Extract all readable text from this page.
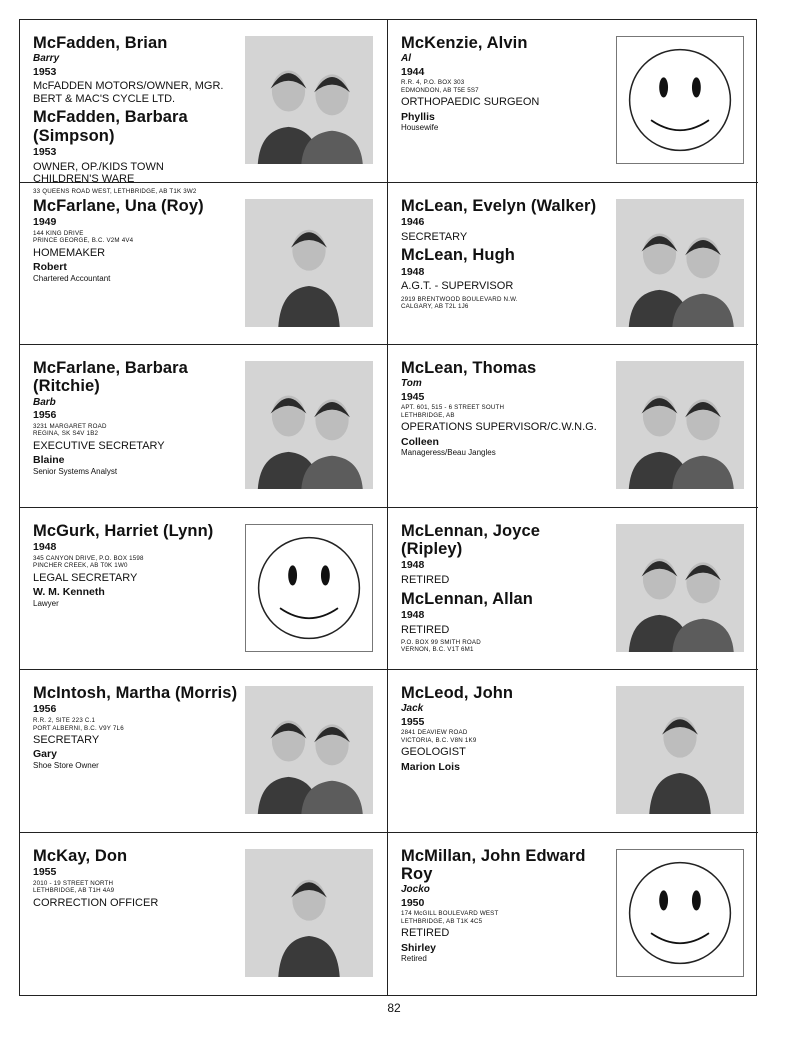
McFadden, Brian
Barry
1953
McFADDEN MOTORS/OWNER, MGR.
BERT & MAC'S CYCLE LTD.
McFadden, Barbara (Simpson)
1953
OWNER, OP./KIDS TOWN
CHILDREN'S WARE
33 QUEENS ROAD WEST, LETHBRIDGE, AB T1K 3W2
McKenzie, Alvin
Al
1944
R.R. 4, P.O. BOX 303
EDMONDON, AB T5E 5S7
ORTHOPAEDIC SURGEON
Phyllis
Housewife
McFarlane, Una (Roy)
1949
144 KING DRIVE
PRINCE GEORGE, B.C. V2M 4V4
HOMEMAKER
Robert
Chartered Accountant
McLean, Evelyn (Walker)
1946
SECRETARY
McLean, Hugh
1948
A.G.T. - SUPERVISOR
2919 BRENTWOOD BOULEVARD N.W.
CALGARY, AB T2L 1J6
McFarlane, Barbara (Ritchie)
Barb
1956
3231 MARGARET ROAD
REGINA, SK S4V 1B2
EXECUTIVE SECRETARY
Blaine
Senior Systems Analyst
McLean, Thomas
Tom
1945
APT. 601, 515 - 6 STREET SOUTH
LETHBRIDGE, AB
OPERATIONS SUPERVISOR/C.W.N.G.
Colleen
Manageress/Beau Jangles
McGurk, Harriet (Lynn)
1948
345 CANYON DRIVE, P.O. BOX 1598
PINCHER CREEK, AB T0K 1W0
LEGAL SECRETARY
W. M. Kenneth
Lawyer
McLennan, Joyce (Ripley)
1948
RETIRED
McLennan, Allan
1948
RETIRED
P.O. BOX 99 SMITH ROAD
VERNON, B.C. V1T 6M1
McIntosh, Martha (Morris)
1956
R.R. 2, SITE 223 C.1
PORT ALBERNI, B.C. V9Y 7L6
SECRETARY
Gary
Shoe Store Owner
McLeod, John
Jack
1955
2841 DEAVIEW ROAD
VICTORIA, B.C. V8N 1K9
GEOLOGIST
Marion Lois
McKay, Don
1955
2010 - 19 STREET NORTH
LETHBRIDGE, AB T1H 4A9
CORRECTION OFFICER
McMillan, John Edward Roy
Jocko
1950
174 McGILL BOULEVARD WEST
LETHBRIDGE, AB T1K 4C5
RETIRED
Shirley
Retired
82
